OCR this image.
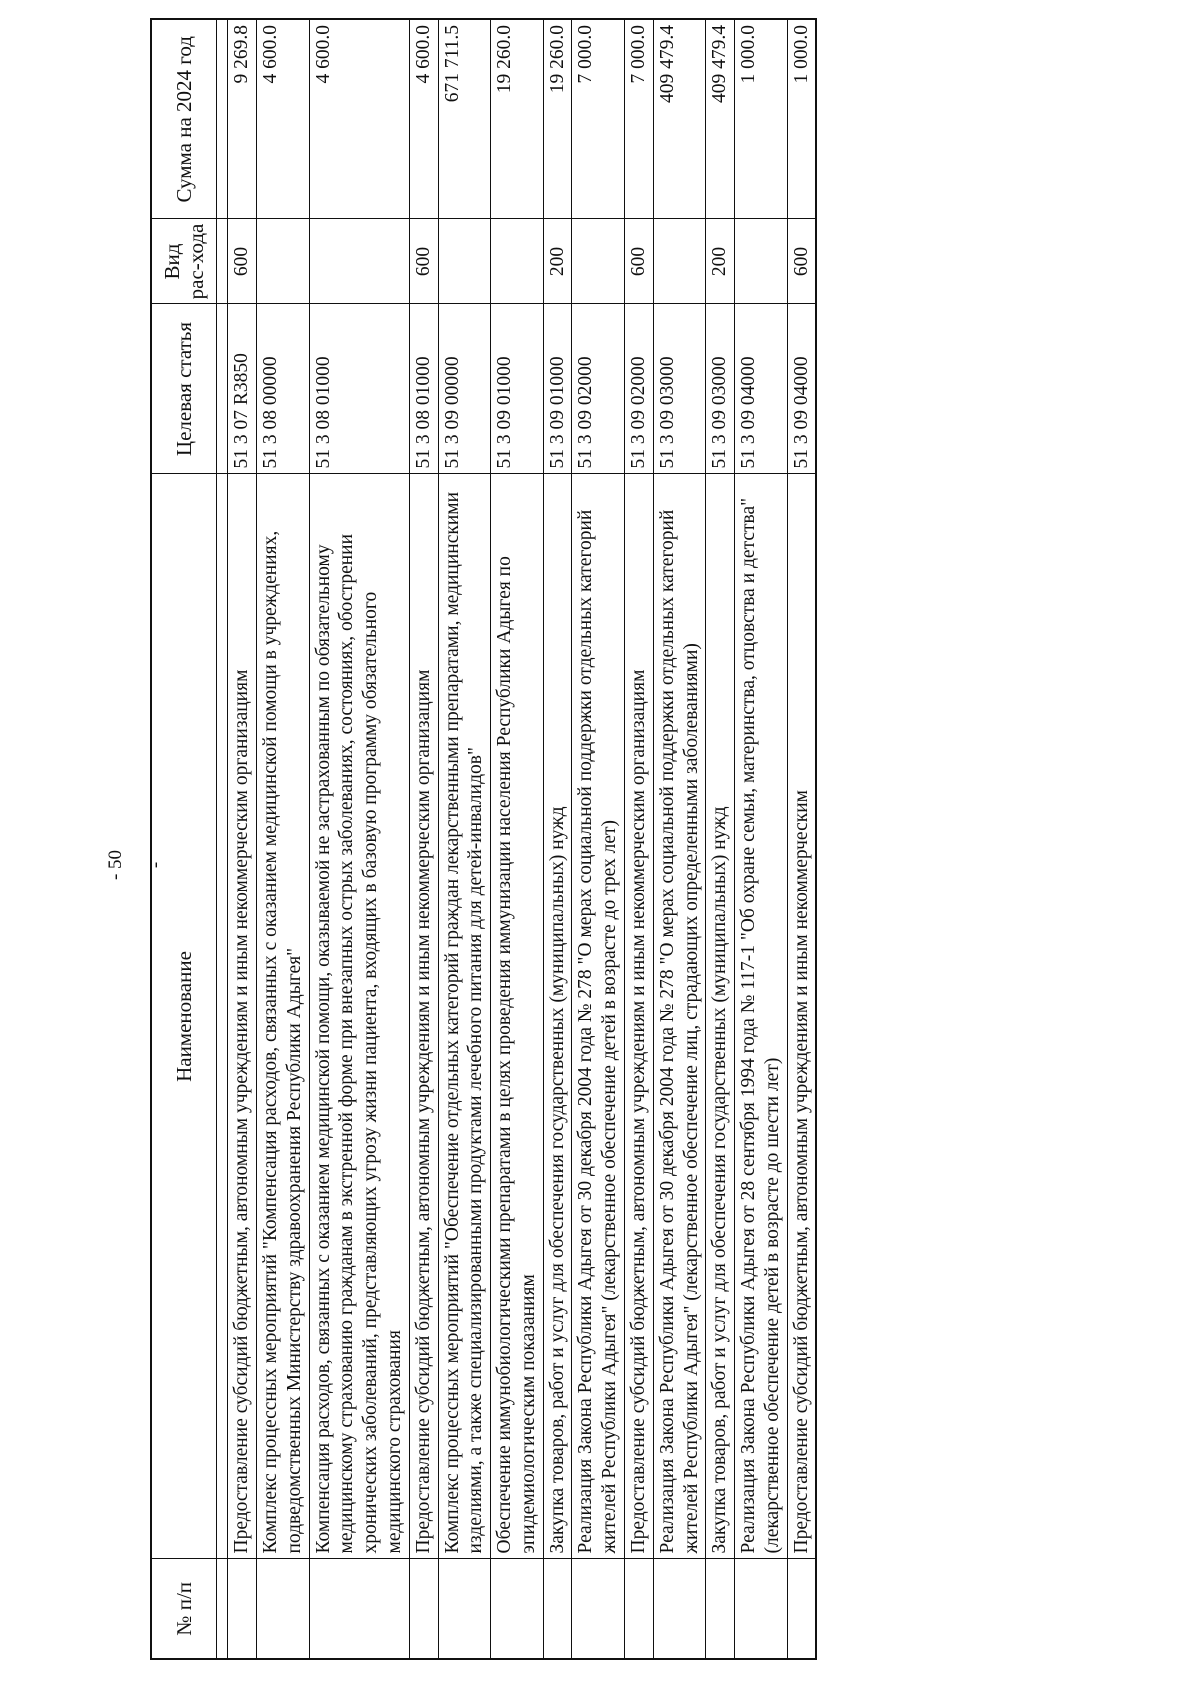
- 50 -
№ п/п	Наименование	Целевая статья	Вид рас-хода	Сумма на 2024 год

	Предоставление субсидий бюджетным, автономным учреждениям и иным некоммерческим организациям	51 3 07 R3850	600	9 269.8
	Комплекс процессных мероприятий "Компенсация расходов, связанных с оказанием медицинской помощи в учреждениях, подведомственных Министерству здравоохранения Республики Адыгея"	51 3 08 00000		4 600.0
	Компенсация расходов, связанных с оказанием медицинской помощи, оказываемой не застрахованным по обязательному медицинскому страхованию гражданам в экстренной форме при внезапных острых заболеваниях, состояниях, обострении хронических заболеваний, представляющих угрозу жизни пациента, входящих в базовую программу обязательного медицинского страхования	51 3 08 01000		4 600.0
	Предоставление субсидий бюджетным, автономным учреждениям и иным некоммерческим организациям	51 3 08 01000	600	4 600.0
	Комплекс процессных мероприятий "Обеспечение отдельных категорий граждан лекарственными препаратами, медицинскими изделиями, а также специализированными продуктами лечебного питания для детей-инвалидов"	51 3 09 00000		671 711.5
	Обеспечение иммунобиологическими препаратами в целях проведения иммунизации населения Республики Адыгея по эпидемиологическим показаниям	51 3 09 01000		19 260.0
	Закупка товаров, работ и услуг для обеспечения государственных (муниципальных) нужд	51 3 09 01000	200	19 260.0
	Реализация Закона Республики Адыгея от 30 декабря 2004 года № 278 "О мерах социальной поддержки отдельных категорий жителей Республики Адыгея" (лекарственное обеспечение детей в возрасте до трех лет)	51 3 09 02000		7 000.0
	Предоставление субсидий бюджетным, автономным учреждениям и иным некоммерческим организациям	51 3 09 02000	600	7 000.0
	Реализация Закона Республики Адыгея от 30 декабря 2004 года № 278 "О мерах социальной поддержки отдельных категорий жителей Республики Адыгея" (лекарственное обеспечение лиц, страдающих определенными заболеваниями)	51 3 09 03000		409 479.4
	Закупка товаров, работ и услуг для обеспечения государственных (муниципальных) нужд	51 3 09 03000	200	409 479.4
	Реализация Закона Республики Адыгея от 28 сентября 1994 года № 117-1 "Об охране семьи, материнства, отцовства и детства" (лекарственное обеспечение детей в возрасте до шести лет)	51 3 09 04000		1 000.0
	Предоставление субсидий бюджетным, автономным учреждениям и иным некоммерческим	51 3 09 04000	600	1 000.0
